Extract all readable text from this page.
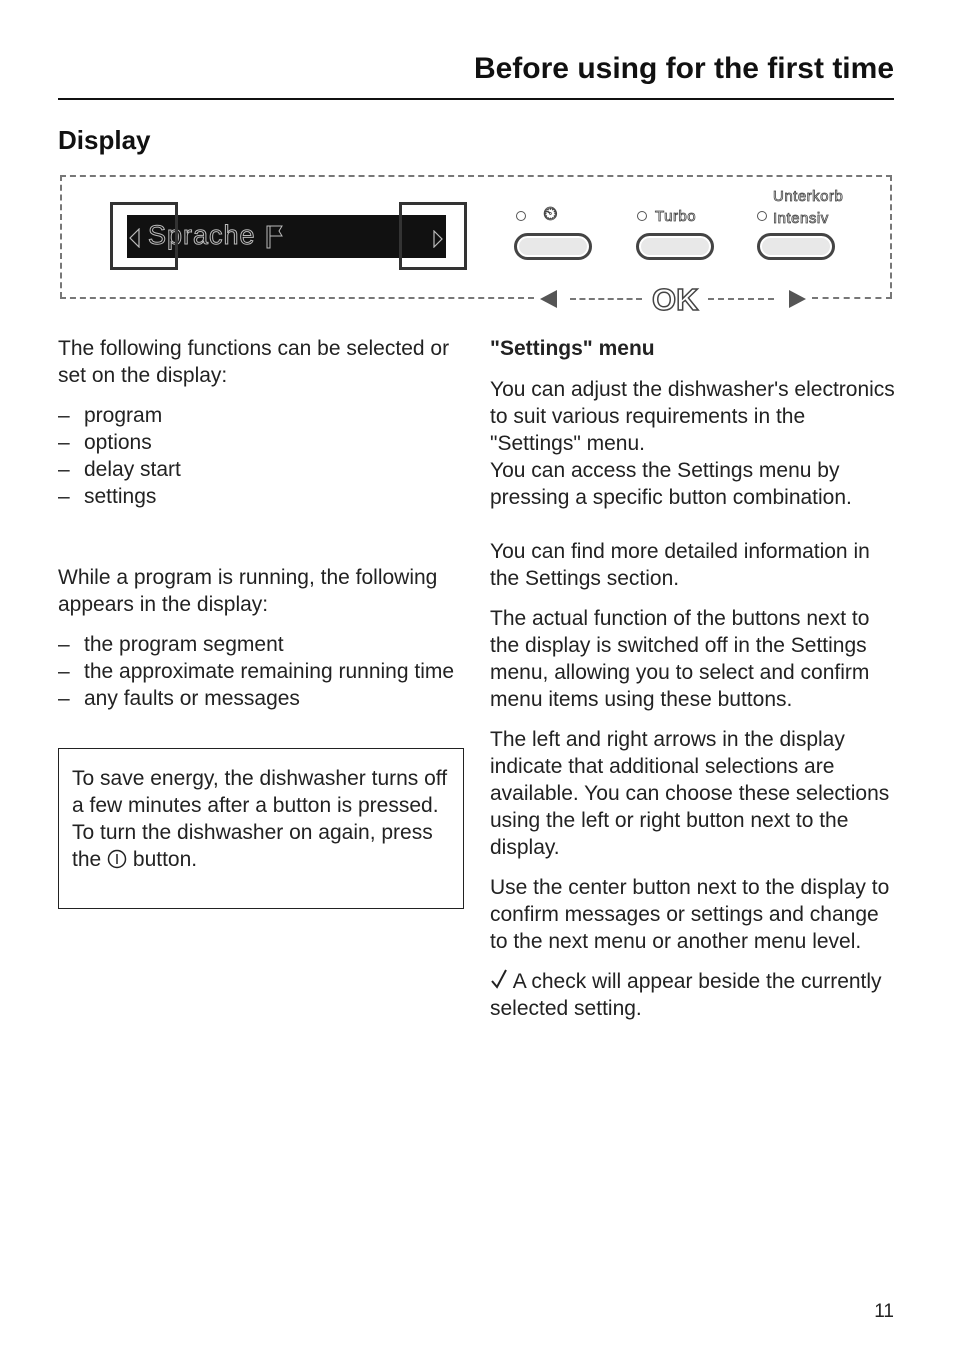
Before using for the first time
Display
Sprache
⏲	Turbo
Unterkorb
Intensiv
OK

The following functions can be selected or set on the display:

– program
– options
– delay start
– settings

While a program is running, the following appears in the display:

– the program segment
– the approximate remaining running time
– any faults or messages

To save energy, the dishwasher turns off a few minutes after a button is pressed.

To turn the dishwasher on again, press the button.

"Settings" menu

You can adjust the dishwasher's electronics to suit various requirements in the "Settings" menu.

You can access the Settings menu by pressing a specific button combination.

You can find more detailed information in the Settings section.

The actual function of the buttons next to the display is switched off in the Settings menu, allowing you to select and confirm menu items using these buttons.

The left and right arrows in the display indicate that additional selections are available. You can choose these selections using the left or right button next to the display.

Use the center button next to the display to confirm messages or settings and change to the next menu or another menu level.

A check will appear beside the currently selected setting.

11
